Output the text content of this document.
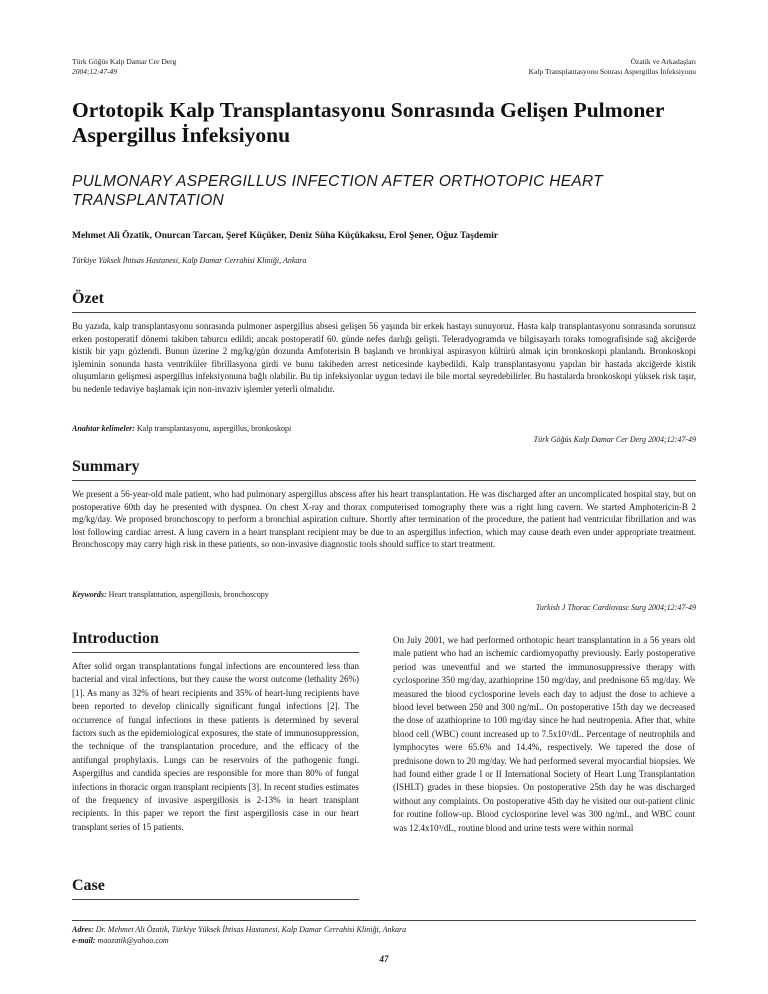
Türk Göğüs Kalp Damar Cer Derg
2004;12:47-49
Özatik ve Arkadaşları
Kalp Transplantasyonu Sonrası Aspergillus İnfeksiyonu
Ortotopik Kalp Transplantasyonu Sonrasında Gelişen Pulmoner Aspergillus İnfeksiyonu
PULMONARY ASPERGILLUS INFECTION AFTER ORTHOTOPIC HEART TRANSPLANTATION
Mehmet Ali Özatik, Onurcan Tarcan, Şeref Küçüker, Deniz Süha Küçükaksu, Erol Şener, Oğuz Taşdemir
Türkiye Yüksek İhtisas Hastanesi, Kalp Damar Cerrahisi Kliniği, Ankara
Özet

Bu yazıda, kalp transplantasyonu sonrasında pulmoner aspergillus absesi gelişen 56 yaşında bir erkek hastayı sunuyoruz. Hasta kalp transplantasyonu sonrasında sorunsuz erken postoperatif dönemi takiben taburcu edildi; ancak postoperatif 60. günde nefes darlığı gelişti. Teleradyogramda ve bilgisayarlı toraks tomografisinde sağ akciğerde kistik bir yapı gözlendi. Bunun üzerine 2 mg/kg/gün dozunda Amfoterisin B başlandı ve bronkiyal aspirasyon kültürü almak için bronkoskopi planlandı. Bronkoskopi işleminin sonunda hasta ventriküler fibrillasyona girdi ve bunu takibeden arrest neticesinde kaybedildi. Kalp transplantasyonu yapılan bir hastada akciğerde kistik oluşumların gelişmesi aspergillus infeksiyonuna bağlı olabilir. Bu tip infeksiyonlar uygun tedavi ile bile mortal seyredebilirler. Bu hastalarda bronkoskopi yüksek risk taşır, bu nedenle tedaviye başlamak için non-invaziv işlemler yeterli olmalıdır.

Anahtar kelimeler: Kalp transplantasyonu, aspergillus, bronkoskopi
Türk Göğüs Kalp Damar Cer Derg 2004;12:47-49
Summary

We present a 56-year-old male patient, who had pulmonary aspergillus abscess after his heart transplantation. He was discharged after an uncomplicated hospital stay, but on postoperative 60th day he presented with dyspnea. On chest X-ray and thorax computerised tomography there was a right lung cavern. We started Amphotericin-B 2 mg/kg/day. We proposed bronchoscopy to perform a bronchial aspiration culture. Shortly after termination of the procedure, the patient had ventricular fibrillation and was lost following cardiac arrest. A lung cavern in a heart transplant recipient may be due to an aspergillus infection, which may cause death even under appropriate treatment. Bronchoscopy may carry high risk in these patients, so non-invasive diagnostic tools should suffice to start treatment.

Keywords: Heart transplantation, aspergillosis, bronchoscopy
Turkish J Thorac Cardiovasc Surg 2004;12:47-49
Introduction

After solid organ transplantations fungal infections are encountered less than bacterial and viral infections, but they cause the worst outcome (lethality 26%) [1]. As many as 32% of heart recipients and 35% of heart-lung recipients have been reported to develop clinically significant fungal infections [2]. The occurrence of fungal infections in these patients is determined by several factors such as the epidemiological exposures, the state of immunosuppression, the technique of the transplantation procedure, and the efficacy of the antifungal prophylaxis. Lungs can be reservoirs of the pathogenic fungi. Aspergillus and candida species are responsible for more than 80% of fungal infections in thoracic organ transplant recipients [3]. In recent studies estimates of the frequency of invasive aspergillosis is 2-13% in heart transplant recipients. In this paper we report the first aspergillosis case in our heart transplant series of 15 patients.

Case

On July 2001, we had performed orthotopic heart transplantation in a 56 years old male patient who had an ischemic cardiomyopathy previously. Early postoperative period was uneventful and we started the immunosuppressive therapy with cyclosporine 350 mg/day, azathioprine 150 mg/day, and prednisone 65 mg/day. We measured the blood cyclosporine levels each day to adjust the dose to achieve a blood level between 250 and 300 ng/mL. On postoperative 15th day we decreased the dose of azathioprine to 100 mg/day since he had neutropenia. After that, white blood cell (WBC) count increased up to 7.5x10³/dL. Percentage of neutrophils and lymphocytes were 65.6% and 14.4%, respectively. We tapered the dose of prednisone down to 20 mg/day. We had performed several myocardial biopsies. We had found either grade I or II International Society of Heart Lung Transplantation (ISHLT) grades in these biopsies. On postoperative 25th day he was discharged without any complaints. On postoperative 45th day he visited our out-patient clinic for routine follow-up. Blood cyclosporine level was 300 ng/mL, and WBC count was 12.4x10³/dL, routine blood and urine tests were within normal

Adres: Dr. Mehmet Ali Özatik, Türkiye Yüksek İhtisas Hastanesi, Kalp Damar Cerrahisi Kliniği, Ankara
e-mail: maozatik@yahoo.com
47
